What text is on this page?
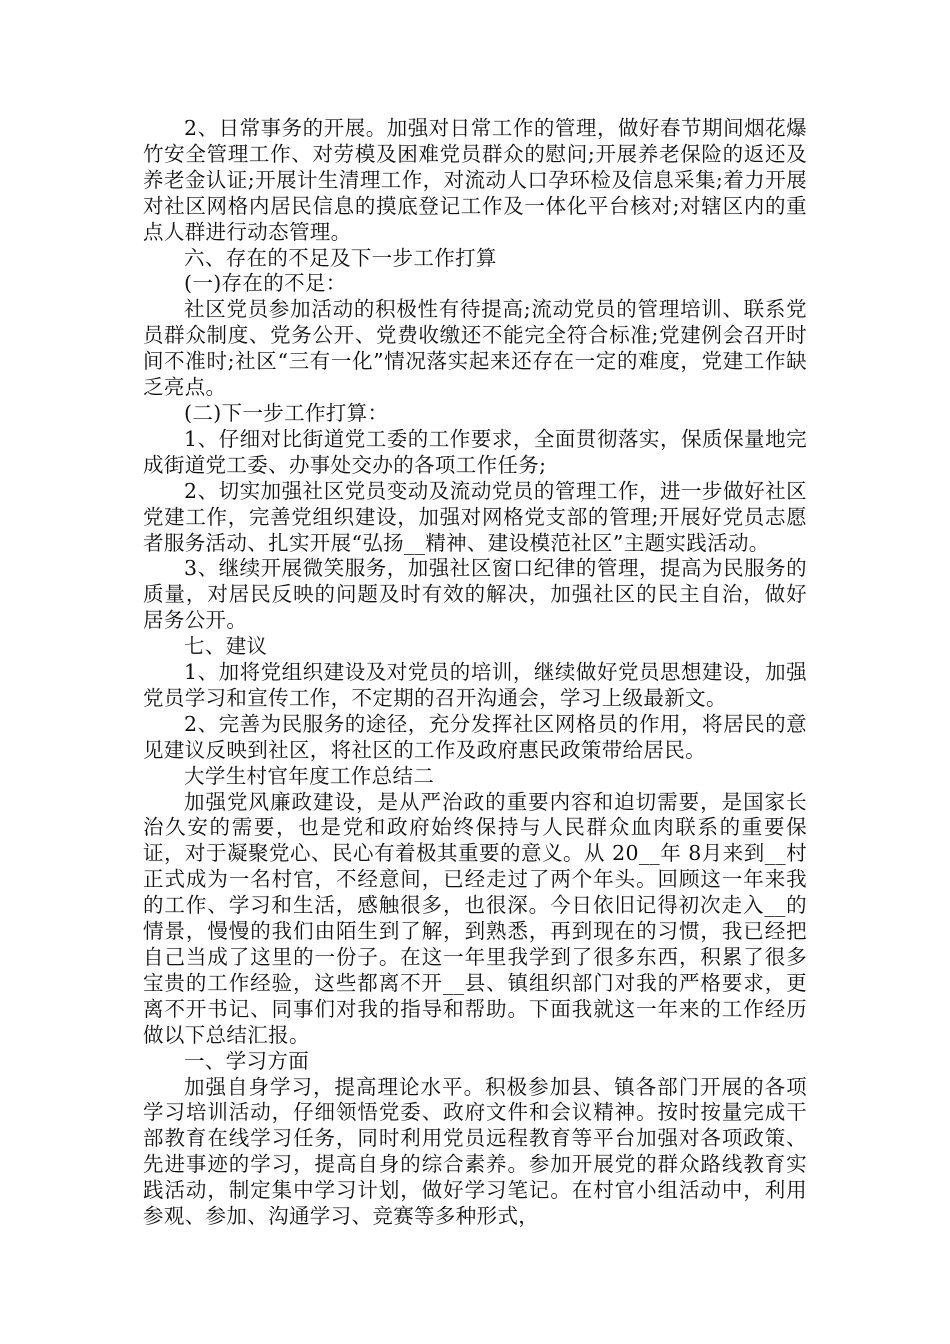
2、日常事务的开展。加强对日常工作的管理，做好春节期间烟花爆竹安全管理工作、对劳模及困难党员群众的慰问;开展养老保险的返还及养老金认证;开展计生清理工作，对流动人口孕环检及信息采集;着力开展对社区网格内居民信息的摸底登记工作及一体化平台核对;对辖区内的重点人群进行动态管理。

六、存在的不足及下一步工作打算

(一)存在的不足：

社区党员参加活动的积极性有待提高;流动党员的管理培训、联系党员群众制度、党务公开、党费收缴还不能完全符合标准;党建例会召开时间不准时;社区“三有一化”情况落实起来还存在一定的难度，党建工作缺乏亮点。

(二)下一步工作打算：

1、仔细对比街道党工委的工作要求，全面贯彻落实，保质保量地完成街道党工委、办事处交办的各项工作任务;

2、切实加强社区党员变动及流动党员的管理工作，进一步做好社区党建工作，完善党组织建设，加强对网格党支部的管理;开展好党员志愿者服务活动、扎实开展“弘扬__精神、建设模范社区”主题实践活动。

3、继续开展微笑服务，加强社区窗口纪律的管理，提高为民服务的质量，对居民反映的问题及时有效的解决，加强社区的民主自治，做好居务公开。

七、建议

1、加将党组织建设及对党员的培训，继续做好党员思想建设，加强党员学习和宣传工作，不定期的召开沟通会，学习上级最新文。

2、完善为民服务的途径，充分发挥社区网格员的作用，将居民的意见建议反映到社区，将社区的工作及政府惠民政策带给居民。

大学生村官年度工作总结二

加强党风廉政建设，是从严治政的重要内容和迫切需要，是国家长治久安的需要，也是党和政府始终保持与人民群众血肉联系的重要保证，对于凝聚党心、民心有着极其重要的意义。从 20__年 8月来到__村正式成为一名村官，不经意间，已经走过了两个年头。回顾这一年来我的工作、学习和生活，感触很多，也很深。今日依旧记得初次走入__的情景，慢慢的我们由陌生到了解，到熟悉，再到现在的习惯，我已经把自己当成了这里的一份子。在这一年里我学到了很多东西，积累了很多宝贵的工作经验，这些都离不开__县、镇组织部门对我的严格要求，更离不开书记、同事们对我的指导和帮助。下面我就这一年来的工作经历做以下总结汇报。

一、学习方面

加强自身学习，提高理论水平。积极参加县、镇各部门开展的各项学习培训活动，仔细领悟党委、政府文件和会议精神。按时按量完成干部教育在线学习任务，同时利用党员远程教育等平台加强对各项政策、先进事迹的学习，提高自身的综合素养。参加开展党的群众路线教育实践活动，制定集中学习计划，做好学习笔记。在村官小组活动中，利用参观、参加、沟通学习、竞赛等多种形式，
